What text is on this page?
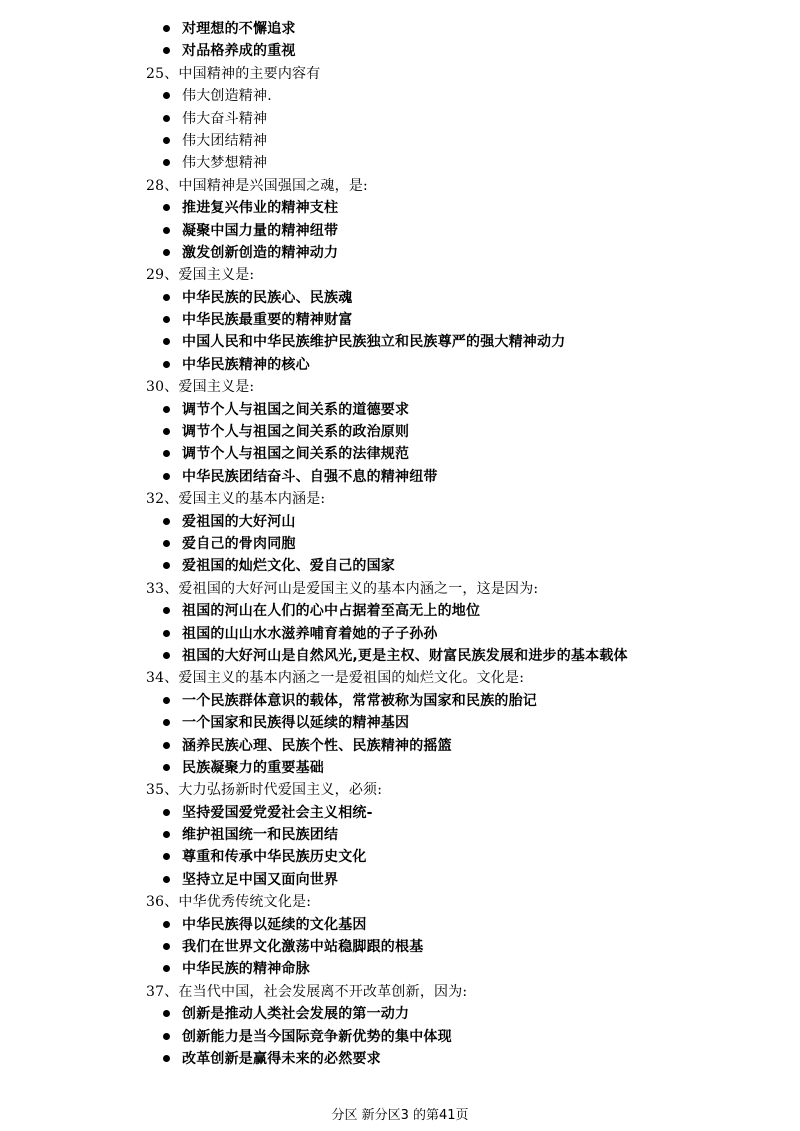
对理想的不懈追求
对品格养成的重视
25、中国精神的主要内容有
伟大创造精神.
伟大奋斗精神
伟大团结精神
伟大梦想精神
28、中国精神是兴国强国之魂，是:
推进复兴伟业的精神支柱
凝聚中国力量的精神纽带
激发创新创造的精神动力
29、爱国主义是:
中华民族的民族心、民族魂
中华民族最重要的精神财富
中国人民和中华民族维护民族独立和民族尊严的强大精神动力
中华民族精神的核心
30、爱国主义是:
调节个人与祖国之间关系的道德要求
调节个人与祖国之间关系的政治原则
调节个人与祖国之间关系的法律规范
中华民族团结奋斗、自强不息的精神纽带
32、爱国主义的基本内涵是:
爱祖国的大好河山
爱自己的骨肉同胞
爱祖国的灿烂文化、爱自己的国家
33、爱祖国的大好河山是爱国主义的基本内涵之一，这是因为:
祖国的河山在人们的心中占据着至高无上的地位
祖国的山山水水滋养哺育着她的子子孙孙
祖国的大好河山是自然风光,更是主权、财富民族发展和进步的基本载体
34、爱国主义的基本内涵之一是爱祖国的灿烂文化。文化是:
一个民族群体意识的载体，常常被称为国家和民族的胎记
一个国家和民族得以延续的精神基因
涵养民族心理、民族个性、民族精神的摇篮
民族凝聚力的重要基础
35、大力弘扬新时代爱国主义，必须:
坚持爱国爱党爱社会主义相统-
维护祖国统一和民族团结
尊重和传承中华民族历史文化
坚持立足中国又面向世界
36、中华优秀传统文化是:
中华民族得以延续的文化基因
我们在世界文化激荡中站稳脚跟的根基
中华民族的精神命脉
37、在当代中国，社会发展离不开改革创新，因为:
创新是推动人类社会发展的第一动力
创新能力是当今国际竞争新优势的集中体现
改革创新是赢得未来的必然要求
分区 新分区3 的第41页
